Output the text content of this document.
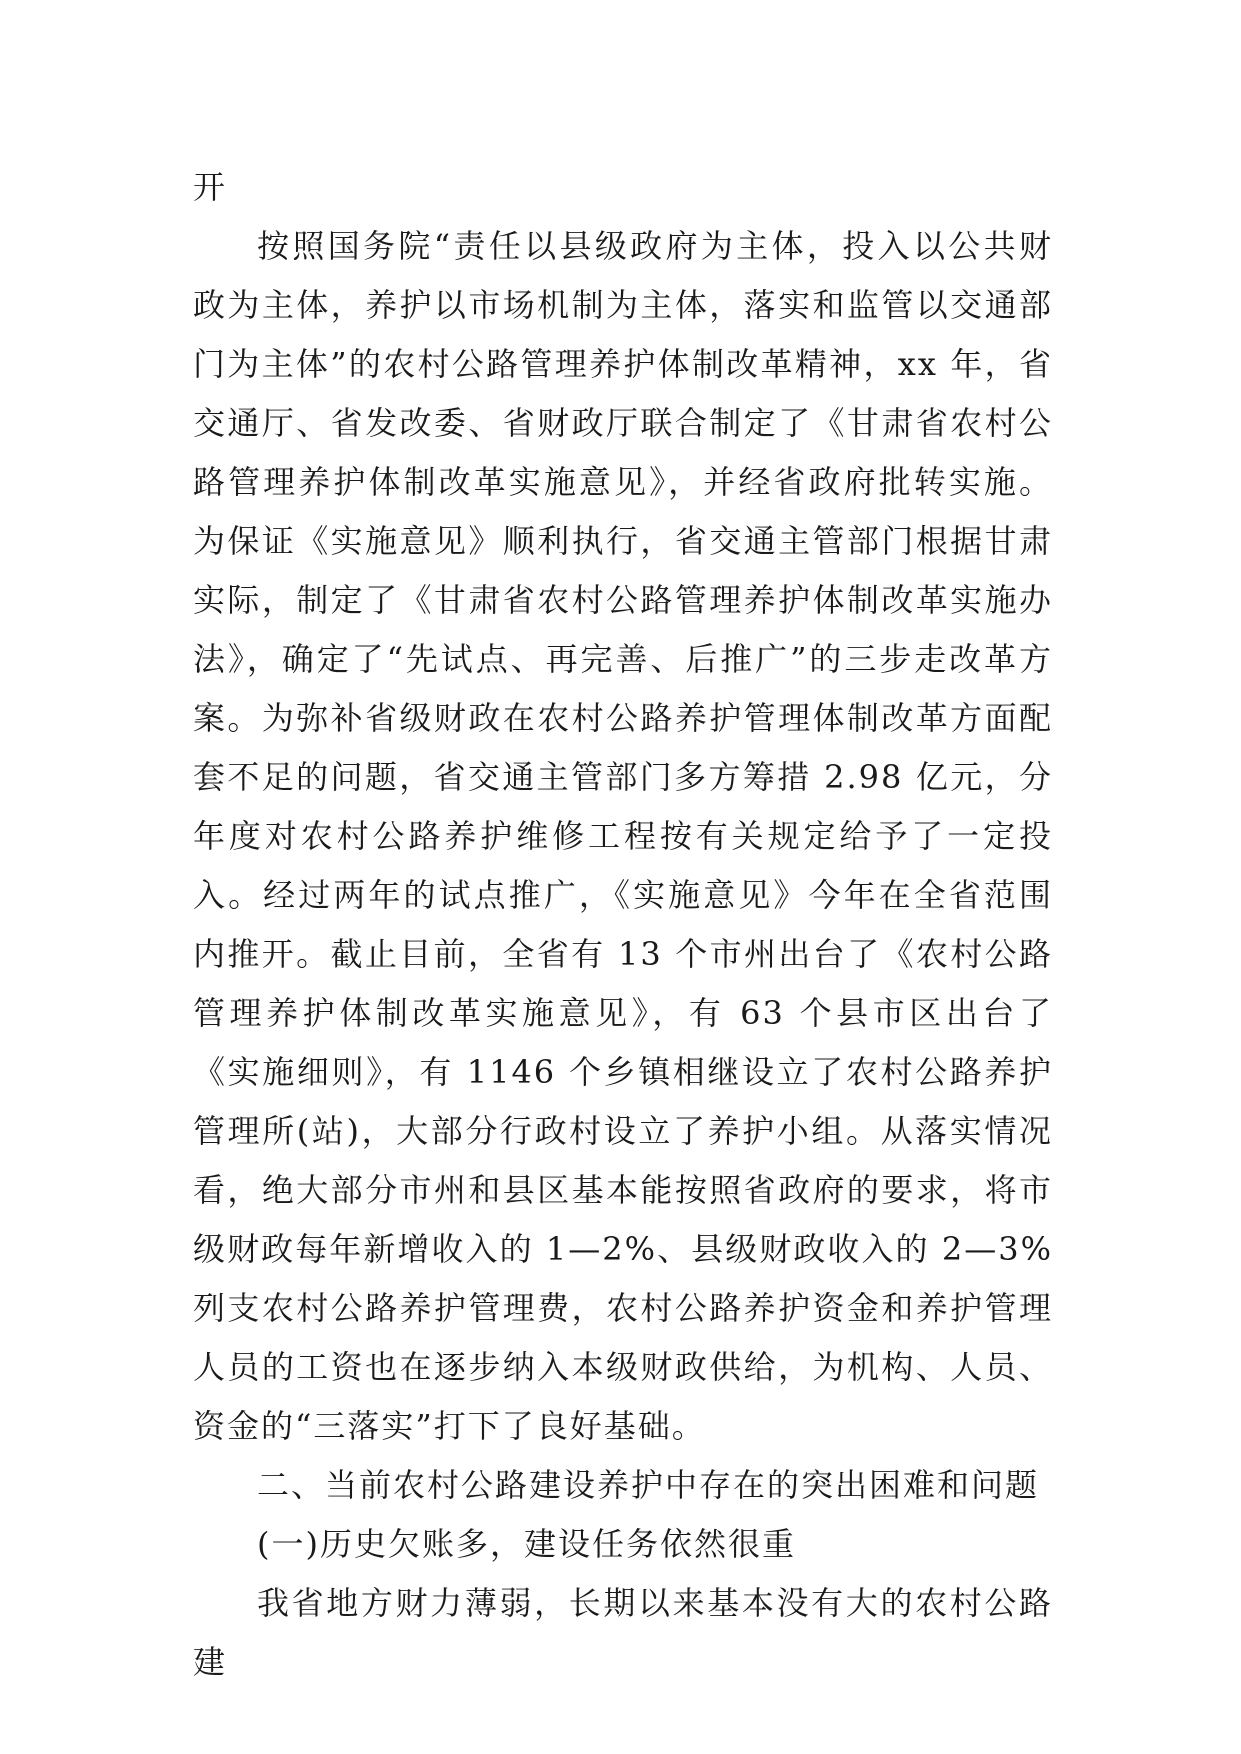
开

按照国务院“责任以县级政府为主体，投入以公共财政为主体，养护以市场机制为主体，落实和监管以交通部门为主体”的农村公路管理养护体制改革精神，xx 年，省交通厅、省发改委、省财政厅联合制定了《甘肃省农村公路管理养护体制改革实施意见》，并经省政府批转实施。为保证《实施意见》顺利执行，省交通主管部门根据甘肃实际，制定了《甘肃省农村公路管理养护体制改革实施办法》，确定了“先试点、再完善、后推广”的三步走改革方案。为弥补省级财政在农村公路养护管理体制改革方面配套不足的问题，省交通主管部门多方筹措 2.98 亿元，分年度对农村公路养护维修工程按有关规定给予了一定投入。经过两年的试点推广，《实施意见》今年在全省范围内推开。截止目前，全省有 13 个市州出台了《农村公路管理养护体制改革实施意见》，有 63 个县市区出台了《实施细则》，有 1146 个乡镇相继设立了农村公路养护管理所(站)，大部分行政村设立了养护小组。从落实情况看，绝大部分市州和县区基本能按照省政府的要求，将市级财政每年新增收入的 1—2%、县级财政收入的 2—3%列支农村公路养护管理费，农村公路养护资金和养护管理人员的工资也在逐步纳入本级财政供给，为机构、人员、资金的“三落实”打下了良好基础。

二、当前农村公路建设养护中存在的突出困难和问题

(一)历史欠账多，建设任务依然很重

我省地方财力薄弱，长期以来基本没有大的农村公路建
